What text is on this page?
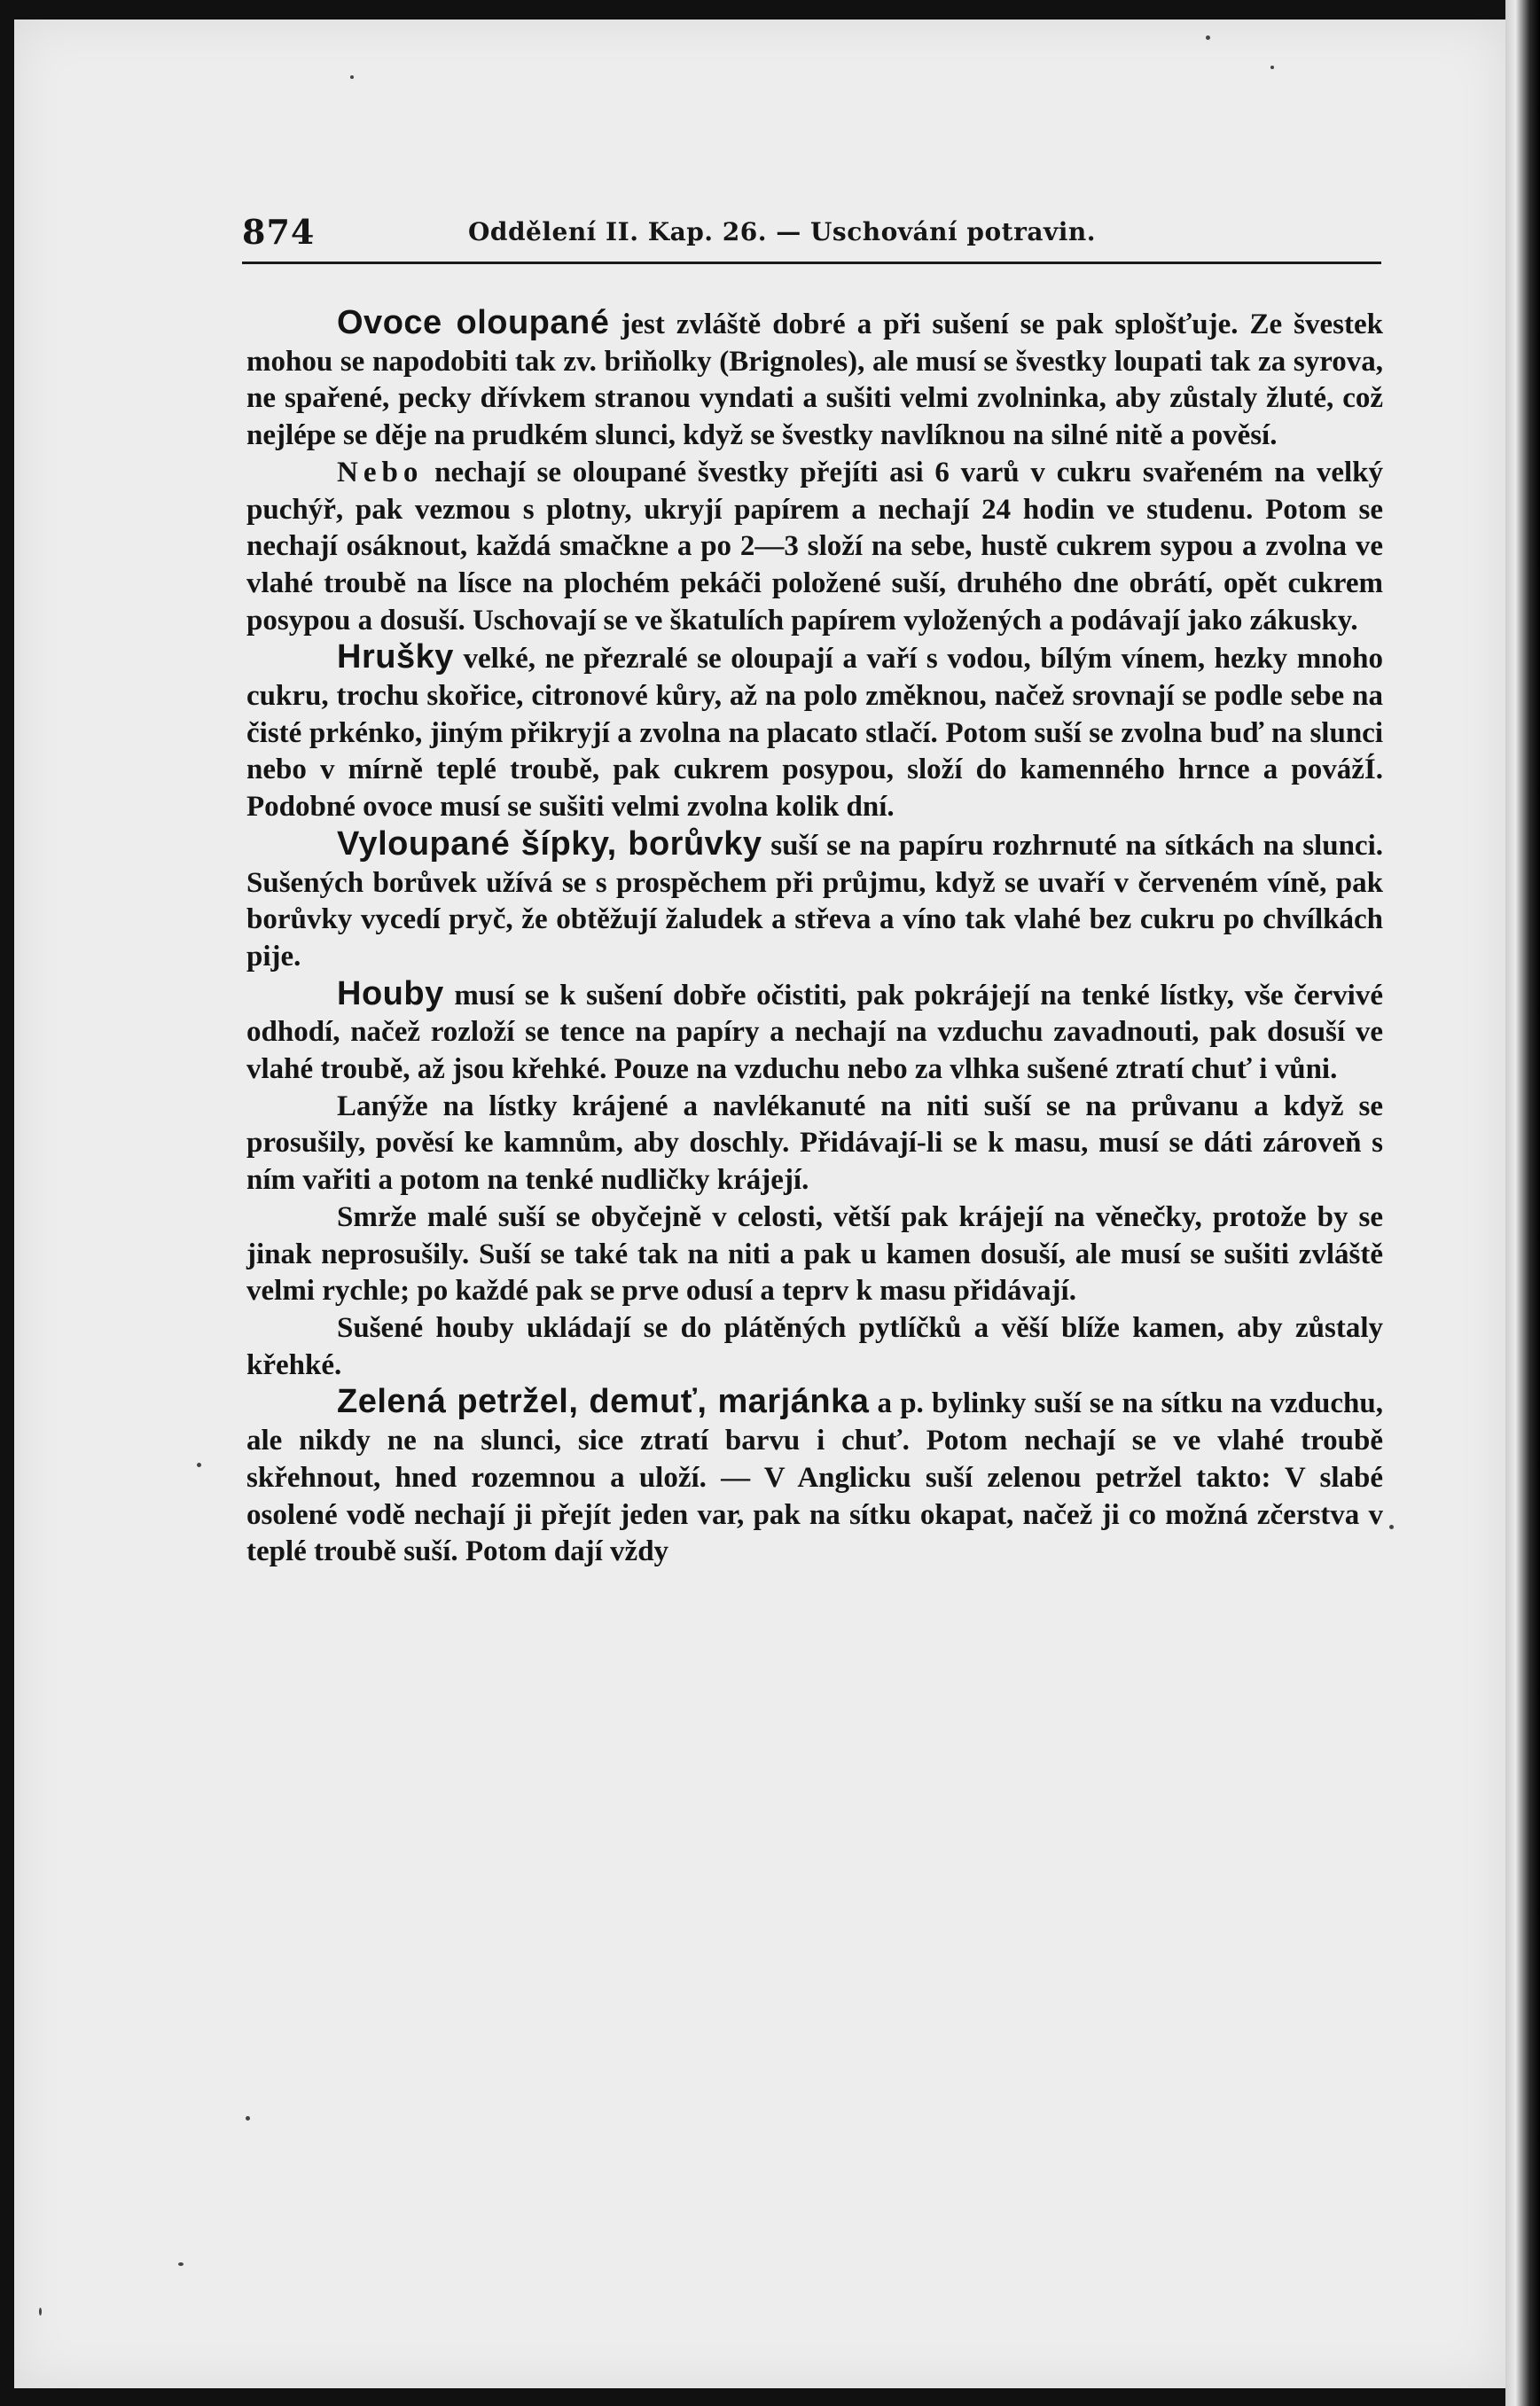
874	Oddělení II. Kap. 26. — Uschování potravin.

Ovoce oloupané jest zvláště dobré a při sušení se pak splošťuje. Ze švestek mohou se napodobiti tak zv. briňolky (Brignoles), ale musí se švestky loupati tak za syrova, ne spařené, pecky dřívkem stranou vyndati a sušiti velmi zvolninka, aby zůstaly žluté, což nejlépe se děje na prudkém slunci, když se švestky navlíknou na silné nitě a pověsí.

Nebo nechají se oloupané švestky přejíti asi 6 varů v cukru svařeném na velký puchýř, pak vezmou s plotny, ukryjí papírem a nechají 24 hodin ve studenu. Potom se nechají osáknout, každá smačkne a po 2—3 složí na sebe, hustě cukrem sypou a zvolna ve vlahé troubě na lísce na plochém pekáči položené suší, druhého dne obrátí, opět cukrem posypou a dosuší. Uschovají se ve škatulích papírem vyložených a podávají jako zákusky.

Hrušky velké, ne přezralé se oloupají a vaří s vodou, bílým vínem, hezky mnoho cukru, trochu skořice, citronové kůry, až na polo změknou, načež srovnají se podle sebe na čisté prkénko, jiným přikryjí a zvolna na placato stlačí. Potom suší se zvolna buď na slunci nebo v mírně teplé troubě, pak cukrem posypou, složí do kamenného hrnce a povážÍ. Podobné ovoce musí se sušiti velmi zvolna kolik dní.

Vyloupané šípky, borůvky suší se na papíru rozhrnuté na sítkách na slunci. Sušených borůvek užívá se s prospěchem při průjmu, když se uvaří v červeném víně, pak borůvky vycedí pryč, že obtěžují žaludek a střeva a víno tak vlahé bez cukru po chvílkách pije.

Houby musí se k sušení dobře očistiti, pak pokrájejí na tenké lístky, vše červivé odhodí, načež rozloží se tence na papíry a nechají na vzduchu zavadnouti, pak dosuší ve vlahé troubě, až jsou křehké. Pouze na vzduchu nebo za vlhka sušené ztratí chuť i vůni.

Lanýže na lístky krájené a navlékanuté na niti suší se na průvanu a když se prosušily, pověsí ke kamnům, aby doschly. Přidávají-li se k masu, musí se dáti zároveň s ním vařiti a potom na tenké nudličky krájejí.

Smrže malé suší se obyčejně v celosti, větší pak krájejí na věnečky, protože by se jinak neprosušily. Suší se také tak na niti a pak u kamen dosuší, ale musí se sušiti zvláště velmi rychle; po každé pak se prve odusí a teprv k masu přidávají.

Sušené houby ukládají se do plátěných pytlíčků a věší blíže kamen, aby zůstaly křehké.

Zelená petržel, demuť, marjánka a p. bylinky suší se na sítku na vzduchu, ale nikdy ne na slunci, sice ztratí barvu i chuť. Potom nechají se ve vlahé troubě skřehnout, hned rozemnou a uloží. — V Anglicku suší zelenou petržel takto: V slabé osolené vodě nechají ji přejít jeden var, pak na sítku okapat, načež ji co možná zčerstva v teplé troubě suší. Potom dají vždy
